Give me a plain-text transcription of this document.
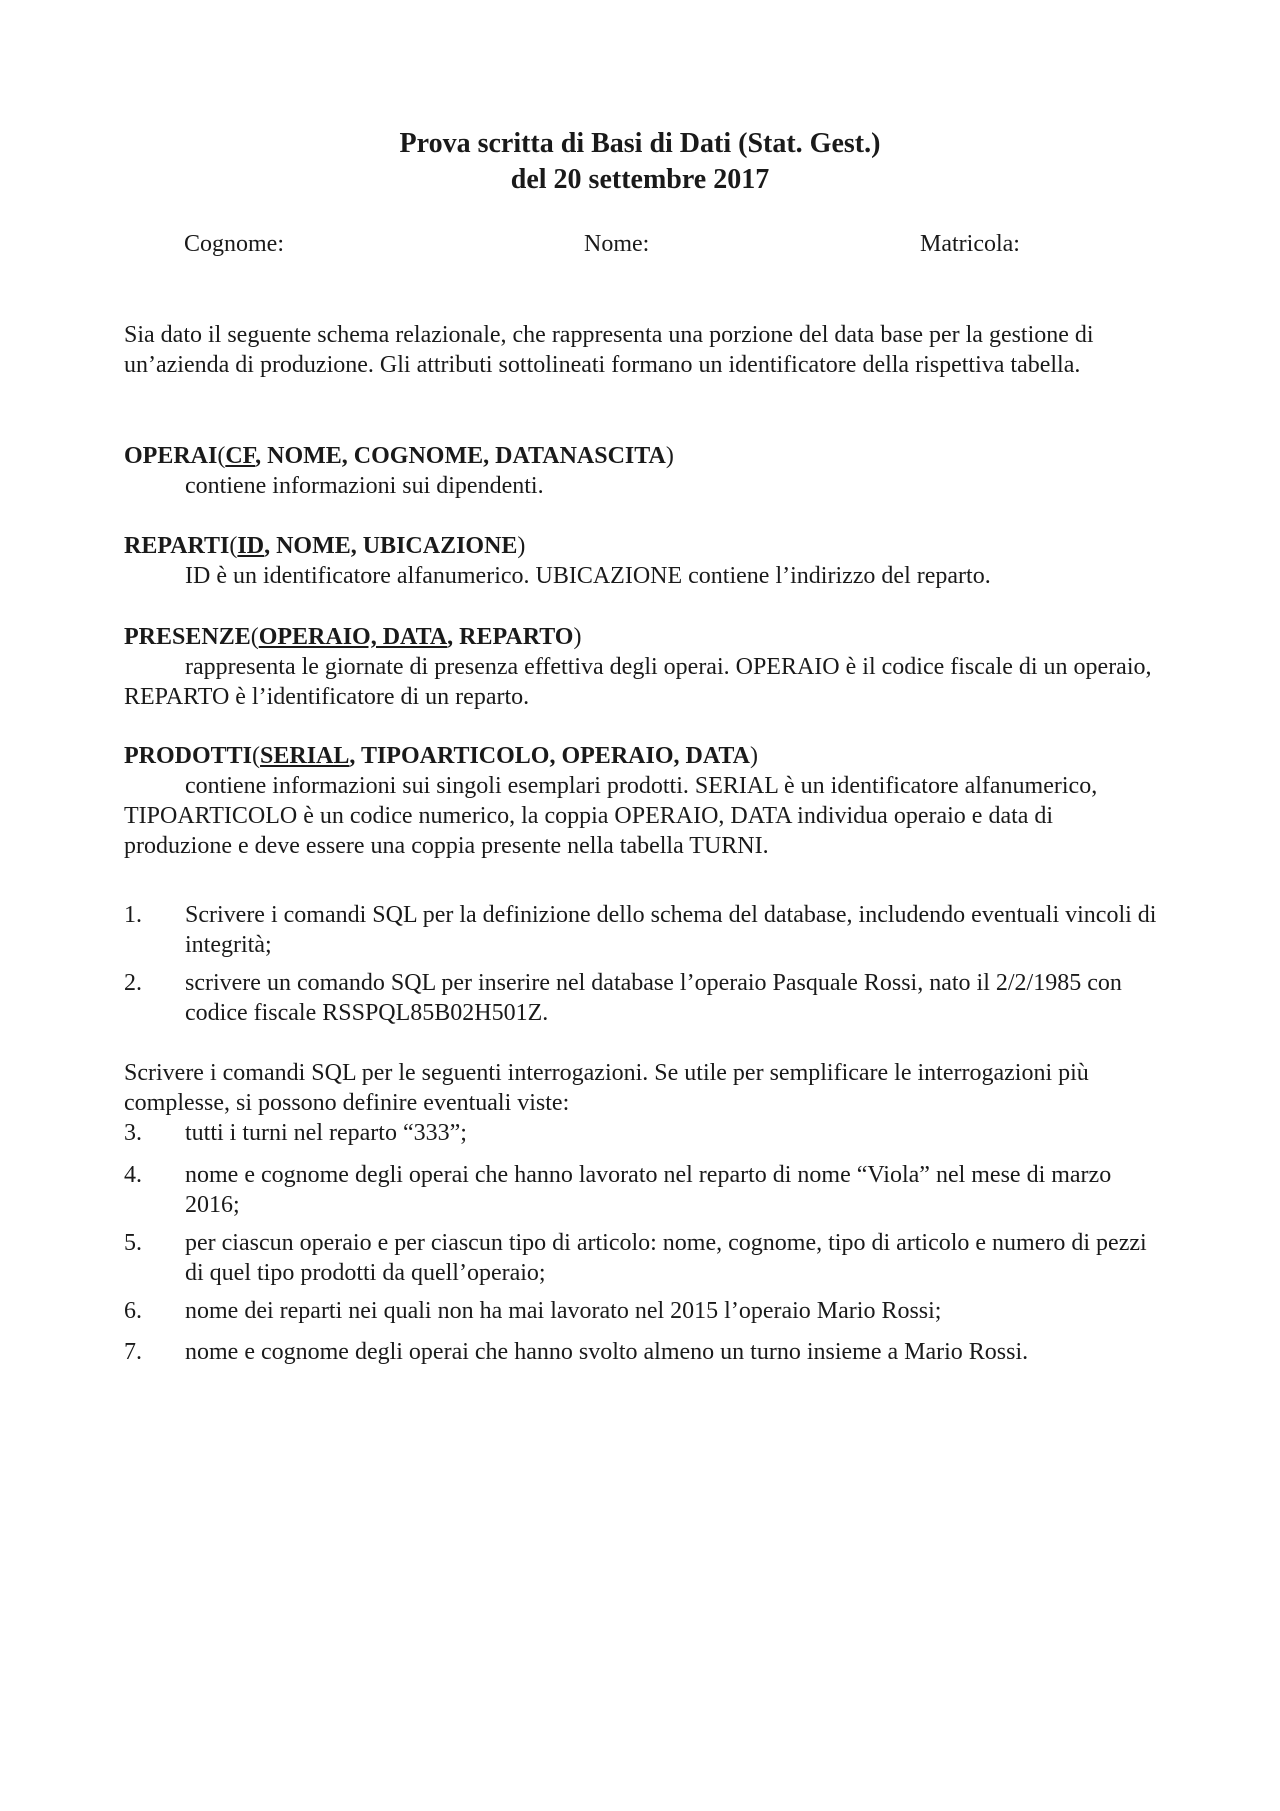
Prova scritta di Basi di Dati (Stat. Gest.)
del 20 settembre 2017
Cognome:	Nome:	Matricola:

Sia dato il seguente schema relazionale, che rappresenta una porzione del data base per la gestione di un’azienda di produzione. Gli attributi sottolineati formano un identificatore della rispettiva tabella.

OPERAI(CF, NOME, COGNOME, DATANASCITA)
contiene informazioni sui dipendenti.
REPARTI(ID, NOME, UBICAZIONE)
ID è un identificatore alfanumerico. UBICAZIONE contiene l’indirizzo del reparto.
PRESENZE(OPERAIO, DATA, REPARTO)
rappresenta le giornate di presenza effettiva degli operai. OPERAIO è il codice fiscale di un operaio, REPARTO è l’identificatore di un reparto.
PRODOTTI(SERIAL, TIPOARTICOLO, OPERAIO, DATA)
contiene informazioni sui singoli esemplari prodotti. SERIAL è un identificatore alfanumerico, TIPOARTICOLO è un codice numerico, la coppia OPERAIO, DATA individua operaio e data di produzione e deve essere una coppia presente nella tabella TURNI.
1. Scrivere i comandi SQL per la definizione dello schema del database, includendo eventuali vincoli di integrità;
2. scrivere un comando SQL per inserire nel database l’operaio Pasquale Rossi, nato il 2/2/1985 con codice fiscale RSSPQL85B02H501Z.

Scrivere i comandi SQL per le seguenti interrogazioni. Se utile per semplificare le interrogazioni più complesse, si possono definire eventuali viste:

3. tutti i turni nel reparto “333”;
4. nome e cognome degli operai che hanno lavorato nel reparto di nome “Viola” nel mese di marzo 2016;
5. per ciascun operaio e per ciascun tipo di articolo: nome, cognome, tipo di articolo e numero di pezzi di quel tipo prodotti da quell’operaio;
6. nome dei reparti nei quali non ha mai lavorato nel 2015 l’operaio Mario Rossi;
7. nome e cognome degli operai che hanno svolto almeno un turno insieme a Mario Rossi.
